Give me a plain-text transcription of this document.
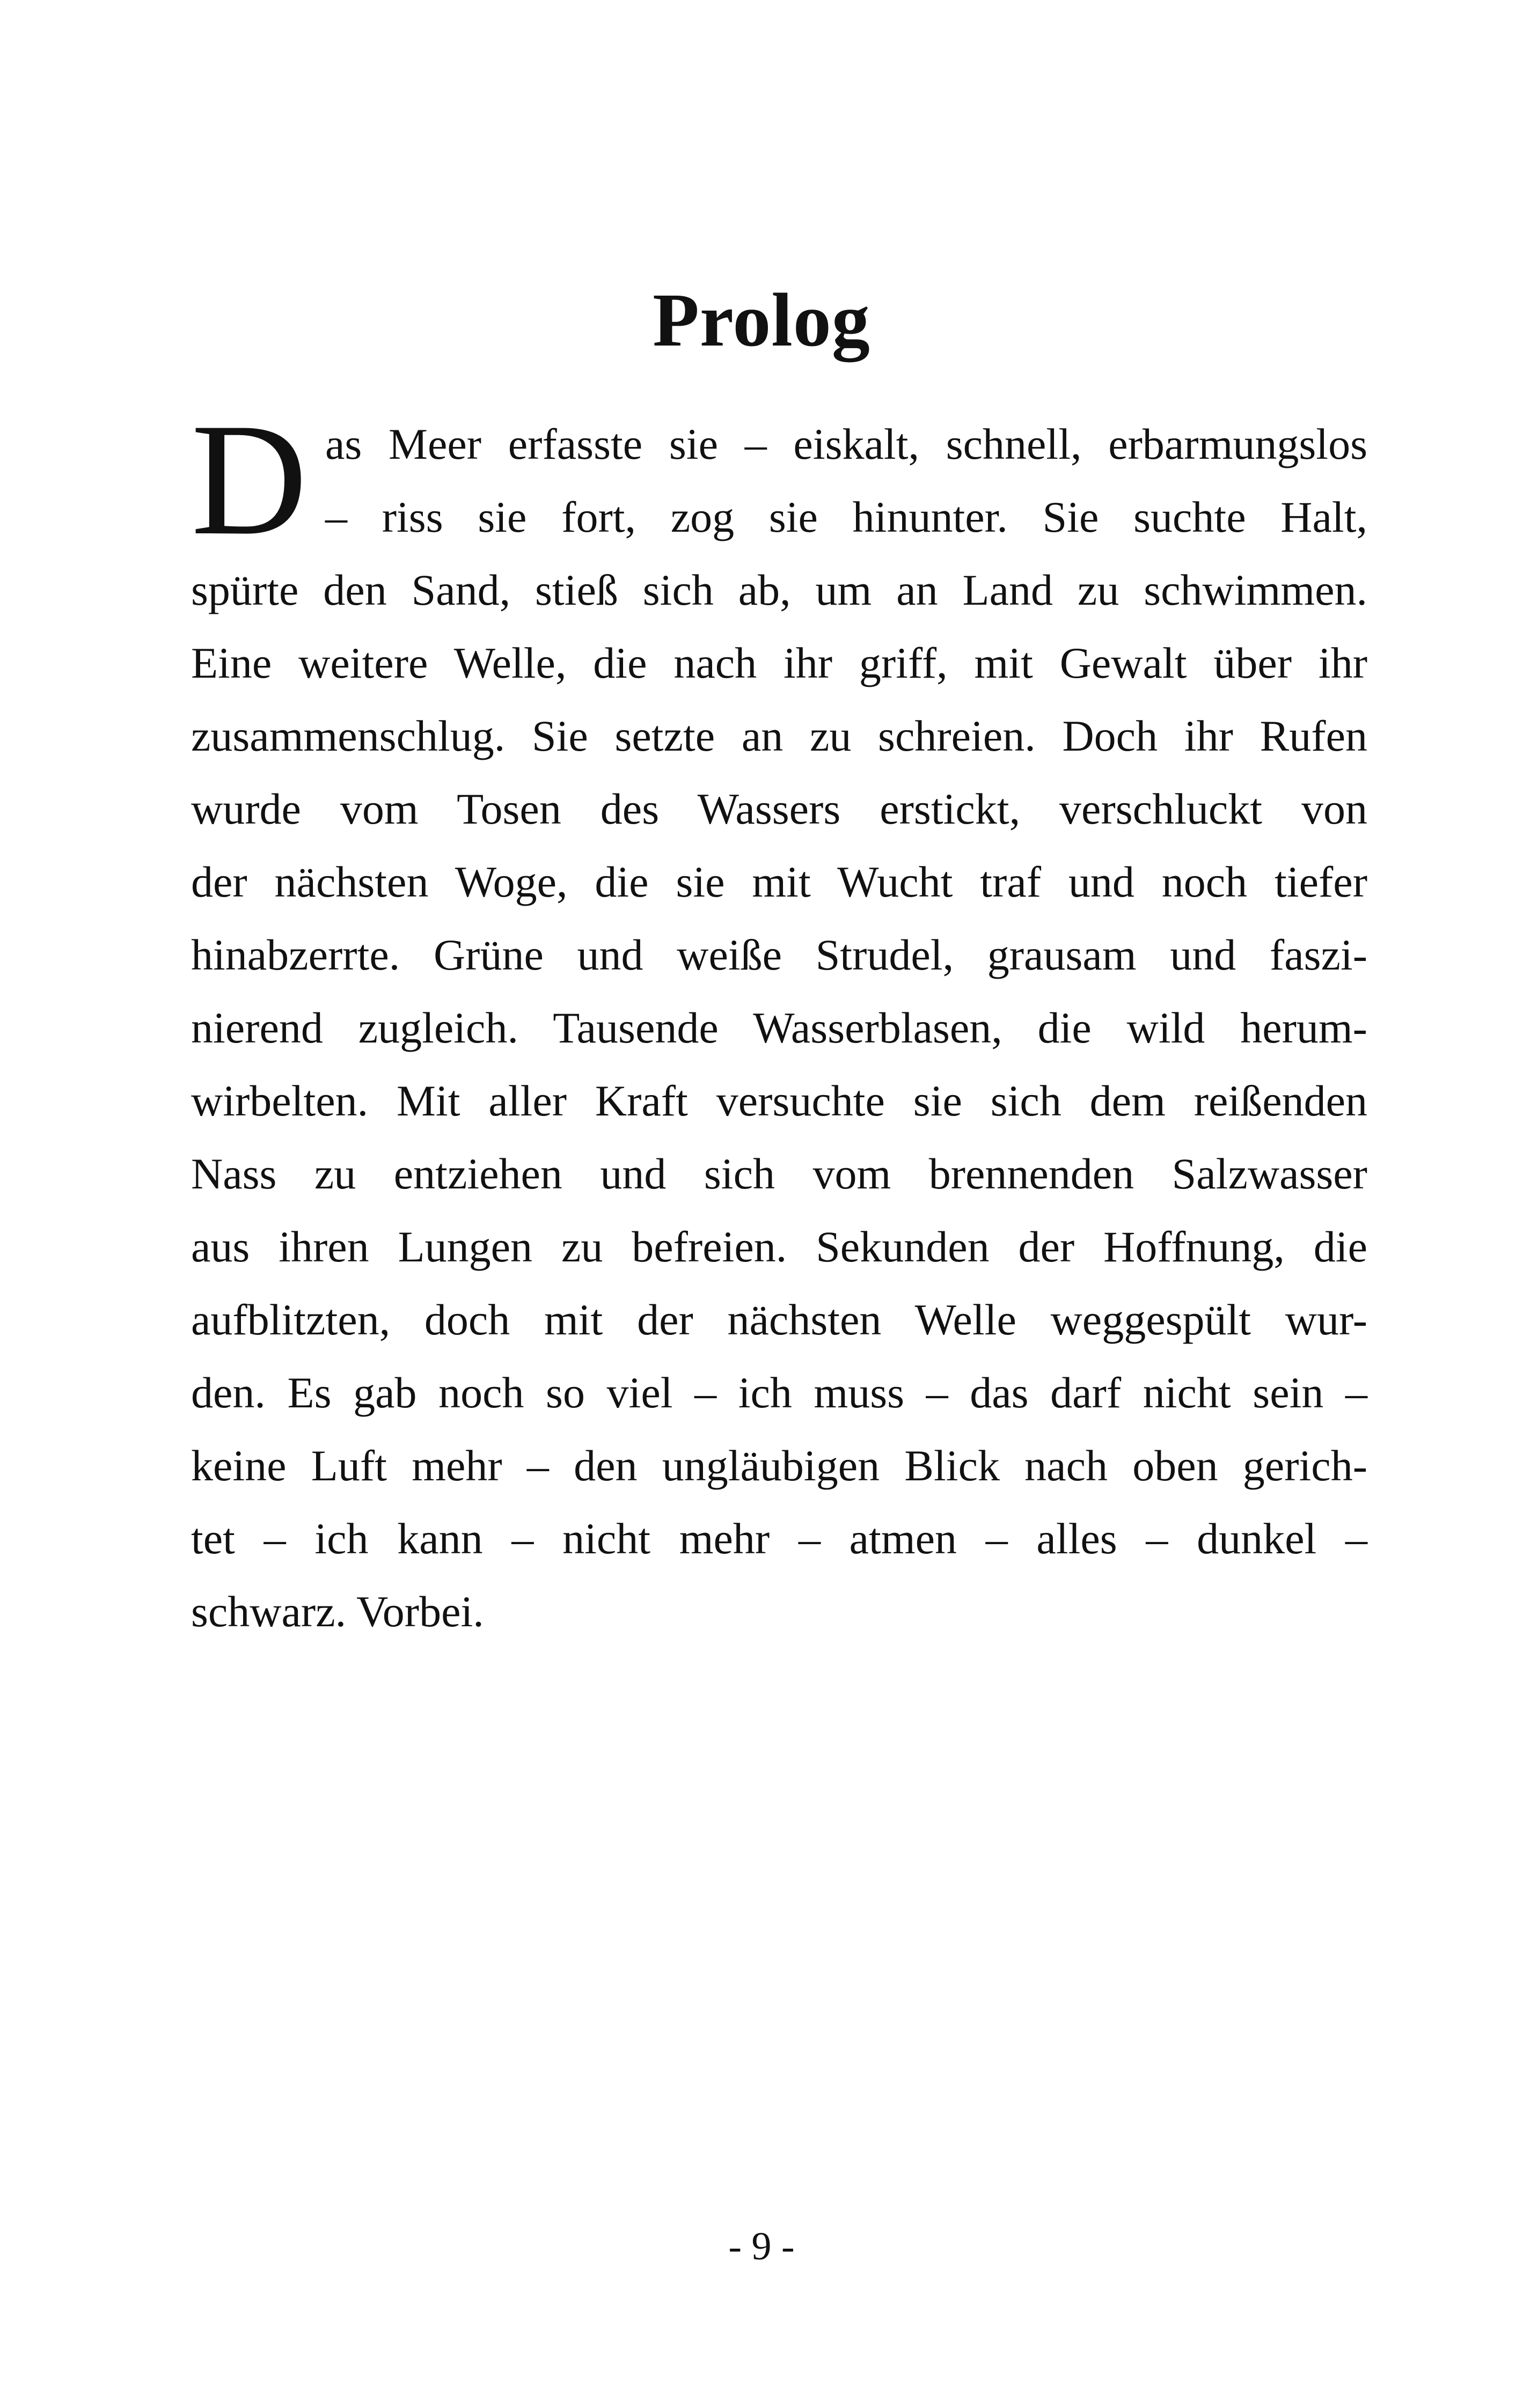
Prolog
D as Meer erfasste sie – eiskalt, schnell, erbarmungslos
– riss sie fort, zog sie hinunter. Sie suchte Halt,
spürte den Sand, stieß sich ab, um an Land zu schwimmen.
Eine weitere Welle, die nach ihr griff, mit Gewalt über ihr
zusammenschlug. Sie setzte an zu schreien. Doch ihr Rufen
wurde vom Tosen des Wassers erstickt, verschluckt von
der nächsten Woge, die sie mit Wucht traf und noch tiefer
hinabzerrte. Grüne und weiße Strudel, grausam und faszi-
nierend zugleich. Tausende Wasserblasen, die wild herum-
wirbelten. Mit aller Kraft versuchte sie sich dem reißenden
Nass zu entziehen und sich vom brennenden Salzwasser
aus ihren Lungen zu befreien. Sekunden der Hoffnung, die
aufblitzten, doch mit der nächsten Welle weggespült wur-
den. Es gab noch so viel – ich muss – das darf nicht sein –
keine Luft mehr – den ungläubigen Blick nach oben gerich-
tet – ich kann – nicht mehr – atmen – alles – dunkel –
schwarz. Vorbei.
- 9 -
